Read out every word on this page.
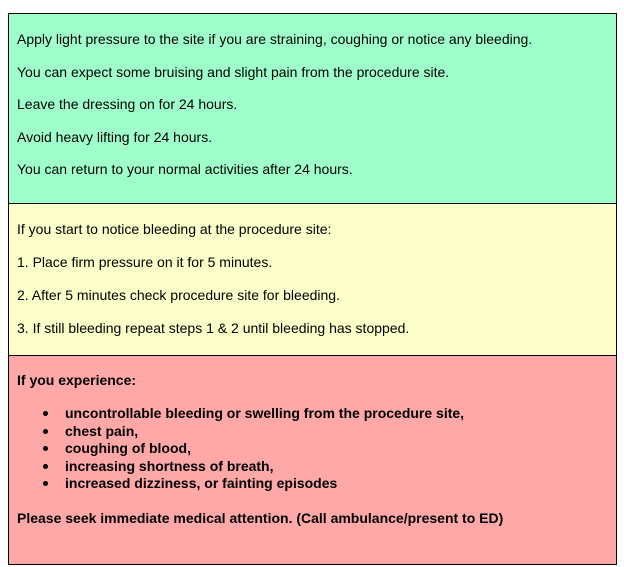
Apply light pressure to the site if you are straining, coughing or notice any bleeding.

You can expect some bruising and slight pain from the procedure site.

Leave the dressing on for 24 hours.

Avoid heavy lifting for 24 hours.

You can return to your normal activities after 24 hours.

If you start to notice bleeding at the procedure site:

1. Place firm pressure on it for 5 minutes.

2. After 5 minutes check procedure site for bleeding.

3. If still bleeding repeat steps 1 & 2 until bleeding has stopped.

If you experience:

uncontrollable bleeding or swelling from the procedure site,
chest pain,
coughing of blood,
increasing shortness of breath,
increased dizziness, or fainting episodes

Please seek immediate medical attention. (Call ambulance/present to ED)
